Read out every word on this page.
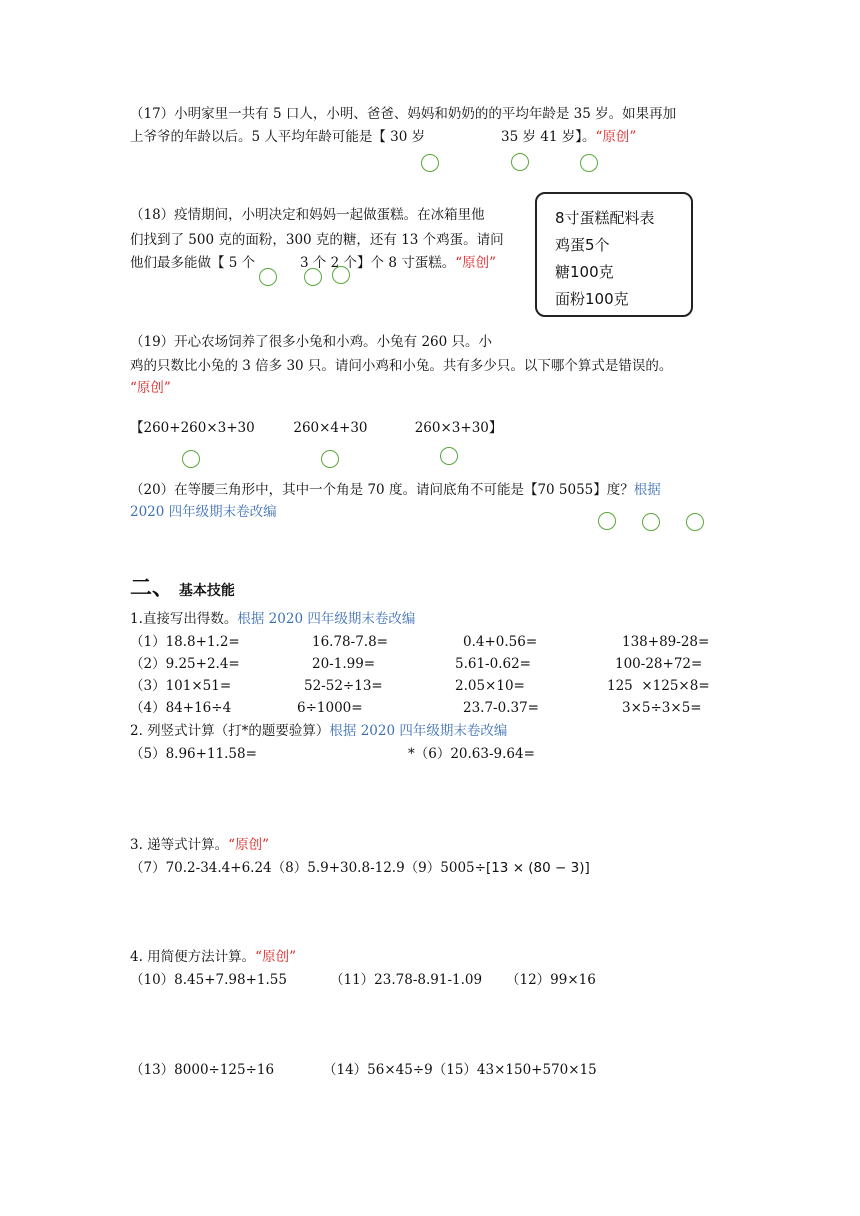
（17）小明家里一共有 5 口人，小明、爸爸、妈妈和奶奶的的平均年龄是 35 岁。如果再加
上爷爷的年龄以后。5 人平均年龄可能是【 30 岁	35 岁 41 岁】。“原创”
（18）疫情期间，小明决定和妈妈一起做蛋糕。在冰箱里他
们找到了 500 克的面粉，300 克的糖，还有 13 个鸡蛋。请问
他们最多能做【 5 个	3 个 2 个】个 8 寸蛋糕。“原创”
8寸蛋糕配料表
鸡蛋5个
糖100克
面粉100克
（19）开心农场饲养了很多小兔和小鸡。小兔有 260 只。小
鸡的只数比小兔的 3 倍多 30 只。请问小鸡和小兔。共有多少只。以下哪个算式是错误的。
“原创”
【260+260×3+30         260×4+30           260×3+30】
（20）在等腰三角形中，其中一个角是 70 度。请问底角不可能是【70 5055】度？根据
2020 四年级期末卷改编
二、 基本技能
1.直接写出得数。根据 2020 四年级期末卷改编
（1）18.8+1.2=	16.78-7.8=	0.4+0.56=	138+89-28=
（2）9.25+2.4=	20-1.99=	5.61-0.62=	100-28+72=
（3）101×51=	52-52÷13=	2.05×10=	125  ×125×8=
（4）84+16÷4	6÷1000=	23.7-0.37=	3×5÷3×5=
2. 列竖式计算（打*的题要验算）根据 2020 四年级期末卷改编
（5）8.96+11.58=	*（6）20.63-9.64=
3. 递等式计算。“原创”
（7）70.2-34.4+6.24（8）5.9+30.8-12.9（9）5005÷[13 × (80 − 3)]
4. 用简便方法计算。“原创”
（10）8.45+7.98+1.55	（11）23.78-8.91-1.09 （12）99×16
（13）8000÷125÷16	（14）56×45÷9（15）43×150+570×15
